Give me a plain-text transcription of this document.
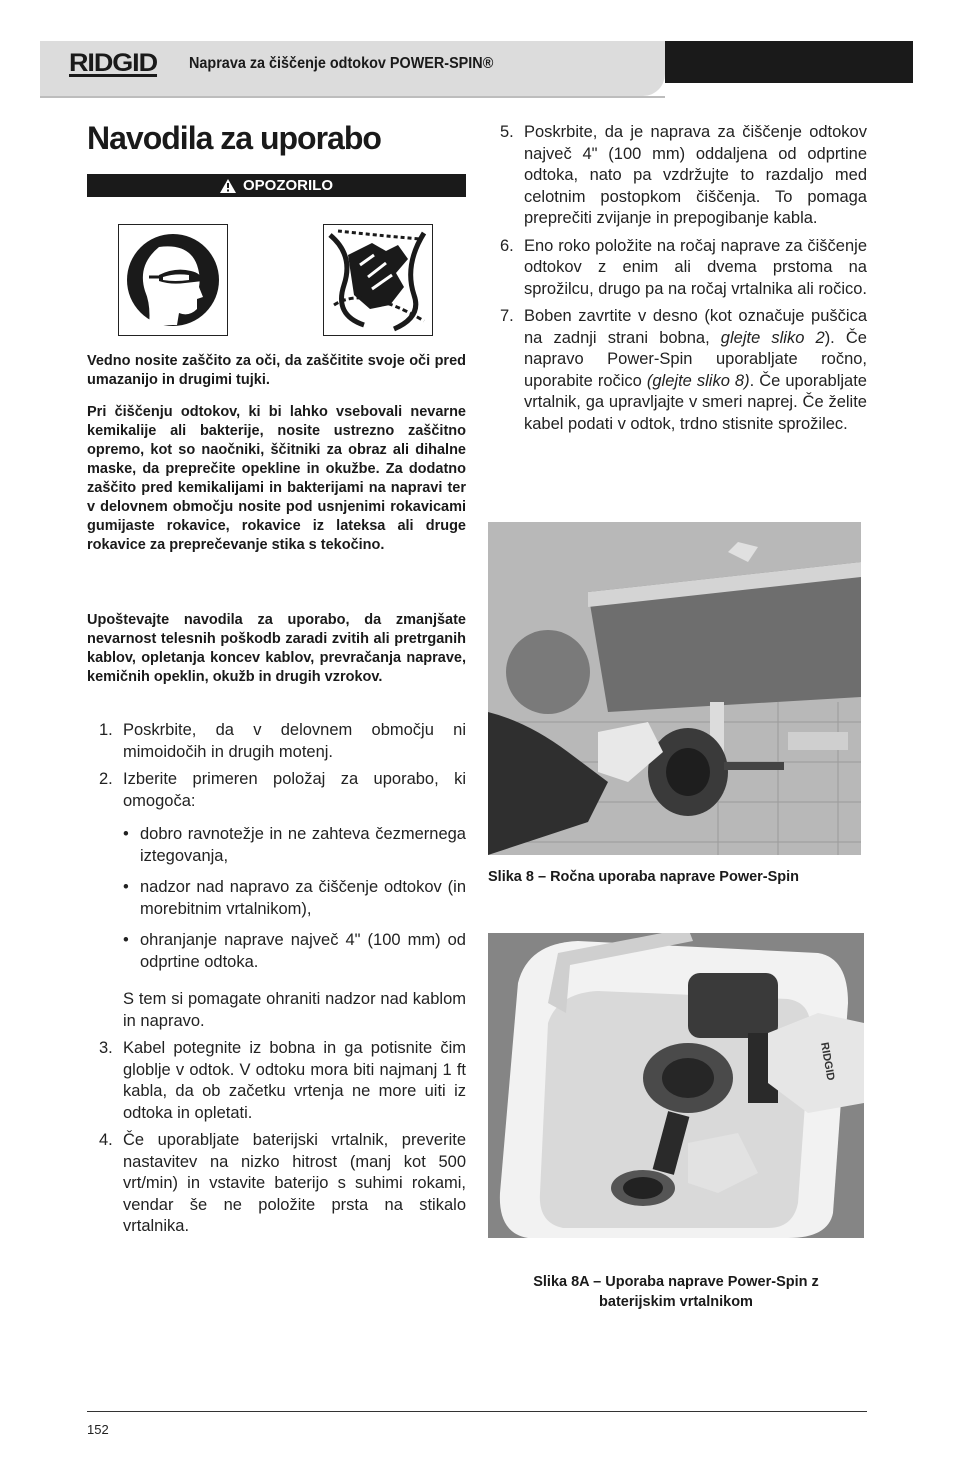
RIDGID Naprava za čiščenje odtokov POWER-SPIN®
Navodila za uporabo
OPOZORILO

Vedno nosite zaščito za oči, da zaščitite svoje oči pred umazanijo in drugimi tujki.

Pri čiščenju odtokov, ki bi lahko vsebovali nevarne kemikalije ali bakterije, nosite ustrezno zaščitno opremo, kot so naočniki, ščitniki za obraz ali dihalne maske, da preprečite opekline in okužbe. Za dodatno zaščito pred kemikalijami in bakterijami na napravi ter v delovnem območju nosite pod usnjenimi rokavicami gumijaste rokavice, rokavice iz lateksa ali druge rokavice za preprečevanje stika s tekočino.

Upoštevajte navodila za uporabo, da zmanjšate nevarnost telesnih poškodb zaradi zvitih ali pretrganih kablov, opletanja koncev kablov, prevračanja naprave, kemičnih opeklin, okužb in drugih vzrokov.

1. Poskrbite, da v delovnem območju ni mimoidočih in drugih motenj.
2. Izberite primeren položaj za uporabo, ki omogoča:
• dobro ravnotežje in ne zahteva čezmernega iztegovanja,
• nadzor nad napravo za čiščenje odtokov (in morebitnim vrtalnikom),
• ohranjanje naprave največ 4" (100 mm) od odprtine odtoka.
S tem si pomagate ohraniti nadzor nad kablom in napravo.
3. Kabel potegnite iz bobna in ga potisnite čim globlje v odtok. V odtoku mora biti najmanj 1 ft kabla, da ob začetku vrtenja ne more uiti iz odtoka in opletati.
4. Če uporabljate baterijski vrtalnik, preverite nastavitev na nizko hitrost (manj kot 500 vrt/min) in vstavite baterijo s suhimi rokami, vendar še ne položite prsta na stikalo vrtalnika.
5. Poskrbite, da je naprava za čiščenje odtokov največ 4" (100 mm) oddaljena od odprtine odtoka, nato pa vzdržujte to razdaljo med celotnim postopkom čiščenja. To pomaga preprečiti zvijanje in prepogibanje kabla.
6. Eno roko položite na ročaj naprave za čiščenje odtokov z enim ali dvema prstoma na sprožilcu, drugo pa na ročaj vrtalnika ali ročico.
7. Boben zavrtite v desno (kot označuje puščica na zadnji strani bobna, glejte sliko 2). Če napravo Power-Spin uporabljate ročno, uporabite ročico (glejte sliko 8). Če uporabljate vrtalnik, ga upravljajte v smeri naprej. Če želite kabel podati v odtok, trdno stisnite sprožilec.

Slika 8 – Ročna uporaba naprave Power-Spin

RIDGID

Slika 8A – Uporaba naprave Power-Spin z
baterijskim vrtalnikom

152
